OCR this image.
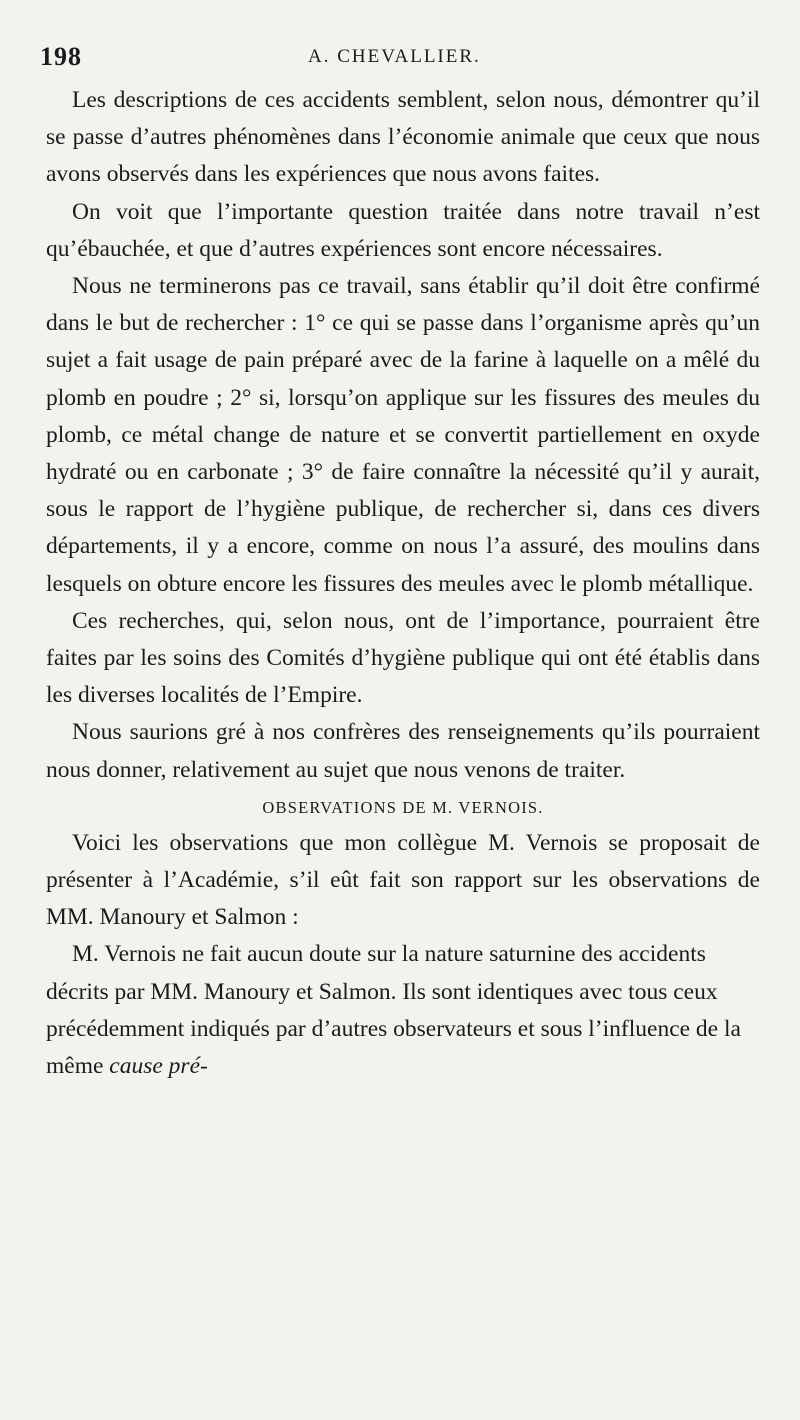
198	A. CHEVALLIER.

Les descriptions de ces accidents semblent, selon nous, démontrer qu’il se passe d’autres phénomènes dans l’économie animale que ceux que nous avons observés dans les expériences que nous avons faites.

On voit que l’importante question traitée dans notre travail n’est qu’ébauchée, et que d’autres expériences sont encore nécessaires.

Nous ne terminerons pas ce travail, sans établir qu’il doit être confirmé dans le but de rechercher : 1° ce qui se passe dans l’organisme après qu’un sujet a fait usage de pain préparé avec de la farine à laquelle on a mêlé du plomb en poudre ; 2° si, lorsqu’on applique sur les fissures des meules du plomb, ce métal change de nature et se convertit partiellement en oxyde hydraté ou en carbonate ; 3° de faire connaître la nécessité qu’il y aurait, sous le rapport de l’hygiène publique, de rechercher si, dans ces divers départements, il y a encore, comme on nous l’a assuré, des moulins dans lesquels on obture encore les fissures des meules avec le plomb métallique.

Ces recherches, qui, selon nous, ont de l’importance, pourraient être faites par les soins des Comités d’hygiène publique qui ont été établis dans les diverses localités de l’Empire.

Nous saurions gré à nos confrères des renseignements qu’ils pourraient nous donner, relativement au sujet que nous venons de traiter.

OBSERVATIONS DE M. VERNOIS.

Voici les observations que mon collègue M. Vernois se proposait de présenter à l’Académie, s’il eût fait son rapport sur les observations de MM. Manoury et Salmon :

M. Vernois ne fait aucun doute sur la nature saturnine des accidents décrits par MM. Manoury et Salmon. Ils sont identiques avec tous ceux précédemment indiqués par d’autres observateurs et sous l’influence de la même cause pré-
